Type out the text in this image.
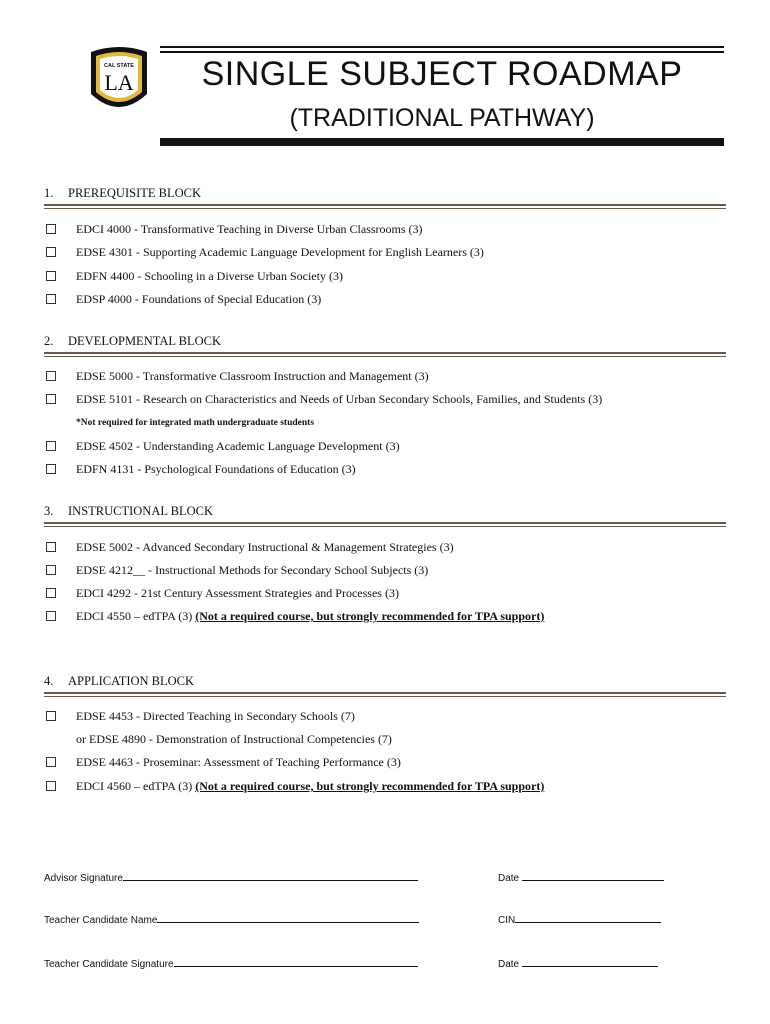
CAL STATE
LA	SINGLE SUBJECT ROADMAP
(TRADITIONAL PATHWAY)
1. PREREQUISITE BLOCK
EDCI 4000 - Transformative Teaching in Diverse Urban Classrooms (3)
EDSE 4301 - Supporting Academic Language Development for English Learners (3)
EDFN 4400 - Schooling in a Diverse Urban Society (3)
EDSP 4000 - Foundations of Special Education (3)
2. DEVELOPMENTAL BLOCK
EDSE 5000 - Transformative Classroom Instruction and Management (3)
EDSE 5101 - Research on Characteristics and Needs of Urban Secondary Schools, Families, and Students (3)
*Not required for integrated math undergraduate students
EDSE 4502 - Understanding Academic Language Development (3)
EDFN 4131 - Psychological Foundations of Education (3)
3. INSTRUCTIONAL BLOCK
EDSE 5002 - Advanced Secondary Instructional & Management Strategies (3)
EDSE 4212__ - Instructional Methods for Secondary School Subjects (3)
EDCI 4292 - 21st Century Assessment Strategies and Processes (3)
EDCI 4550 – edTPA (3) (Not a required course, but strongly recommended for TPA support)
4. APPLICATION BLOCK
EDSE 4453 - Directed Teaching in Secondary Schools (7)
or EDSE 4890 - Demonstration of Instructional Competencies (7)
EDSE 4463 - Proseminar: Assessment of Teaching Performance (3)
EDCI 4560 – edTPA (3) (Not a required course, but strongly recommended for TPA support)
Advisor Signature	Date
Teacher Candidate Name	CIN
Teacher Candidate Signature	Date
